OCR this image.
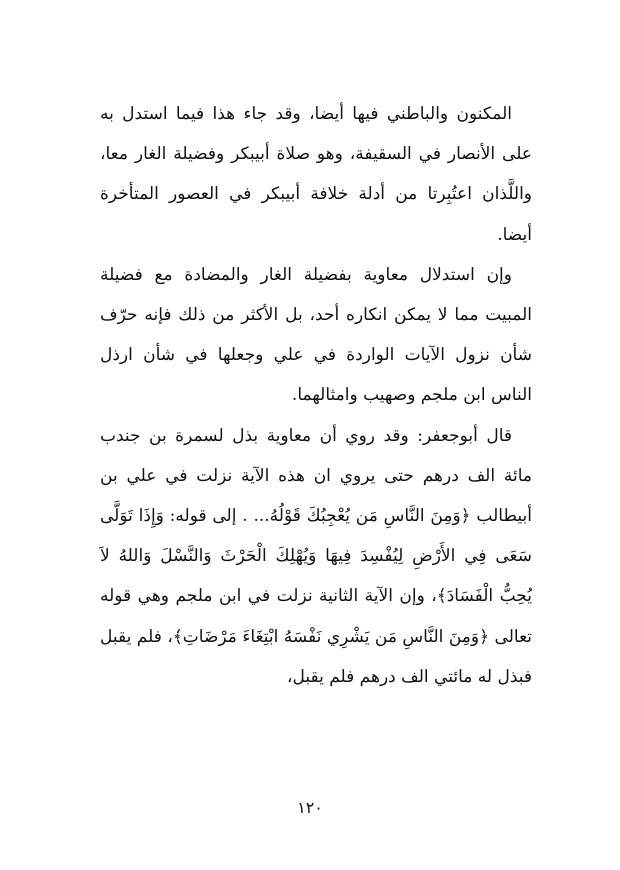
المكنون والباطني فيها أيضا، وقد جاء هذا فيما استدل به على الأنصار في السقيفة، وهو صلاة أبيبكر وفضيلة الغار معا، واللَّذان اعتُبِرتا من أدلة خلافة أبيبكر في العصور المتأخرة أيضا.

وإن استدلال معاوية بفضيلة الغار والمضادة مع فضيلة المبيت مما لا يمكن انكاره أحد، بل الأكثر من ذلك فإنه حرّف شأن نزول الآيات الواردة في علي وجعلها في شأن ارذل الناس ابن ملجم وصهيب وامثالهما.

قال أبوجعفر: وقد روي أن معاوية بذل لسمرة بن جندب مائة الف درهم حتى يروي ان هذه الآية نزلت في علي بن أبيطالب ﴿وَمِنَ النَّاسِ مَن يُعْجِبُكَ قَوْلُهُ... . إلى قوله: وَإِذَا تَوَلَّى سَعَى فِي الأَرْضِ لِيُفْسِدَ فِيهَا وَيُهْلِكَ الْحَرْثَ وَالنَّسْلَ وَاللهُ لاَ يُحِبُّ الْفَسَادَ﴾، وإن الآية الثانية نزلت في ابن ملجم وهي قوله تعالى ﴿وَمِنَ النَّاسِ مَن يَشْرِي نَفْسَهُ ابْتِغَاءَ مَرْضَاتِ﴾، فلم يقبل فبذل له مائتي الف درهم فلم يقبل،

١٢٠
